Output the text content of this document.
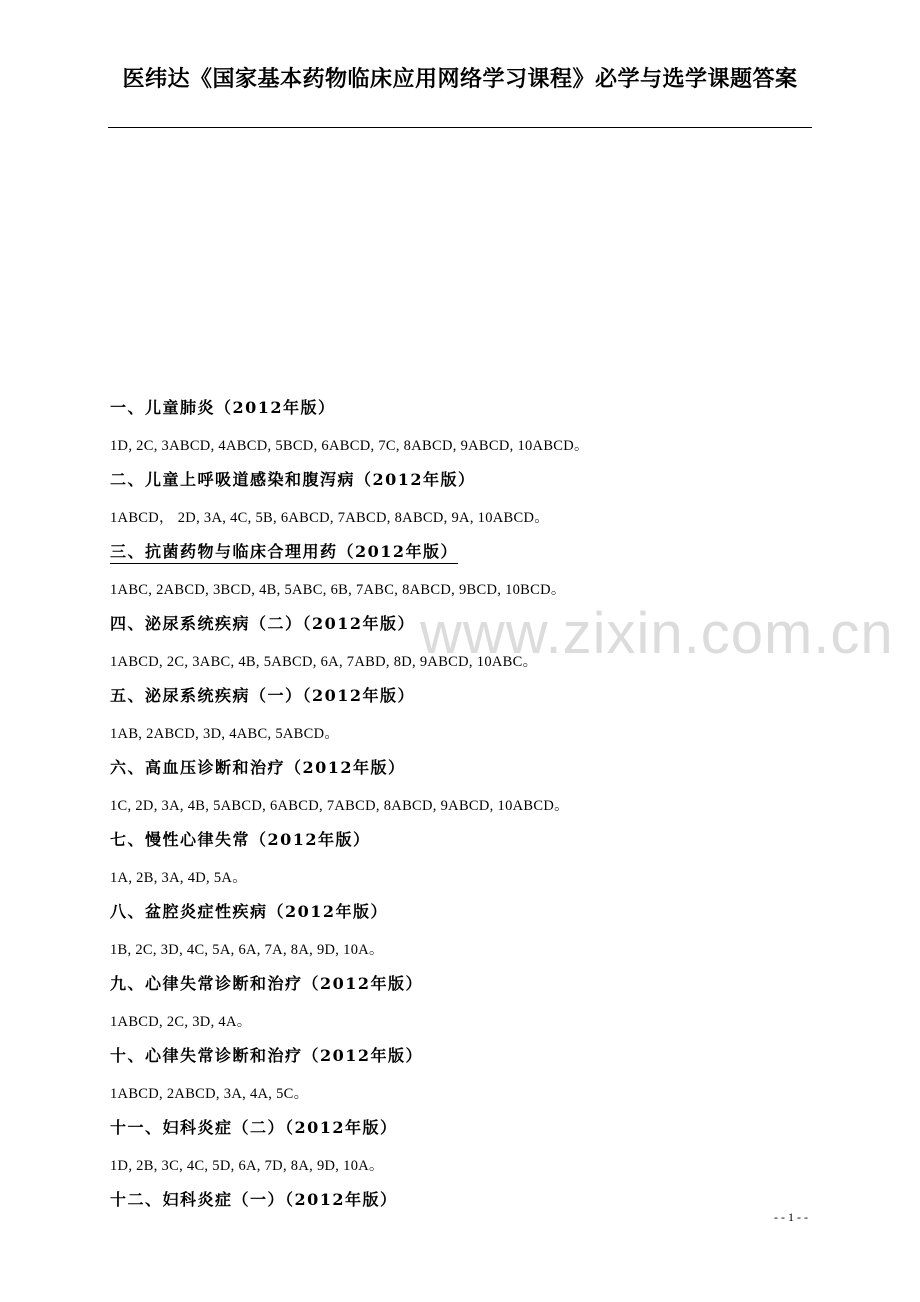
医纬达《国家基本药物临床应用网络学习课程》必学与选学课题答案
www.zixin.com.cn
一、儿童肺炎（2012年版）
1D, 2C, 3ABCD, 4ABCD, 5BCD, 6ABCD, 7C, 8ABCD, 9ABCD, 10ABCD。
二、儿童上呼吸道感染和腹泻病（2012年版）
1ABCD， 2D, 3A, 4C, 5B, 6ABCD, 7ABCD, 8ABCD, 9A, 10ABCD。
三、抗菌药物与临床合理用药（2012年版）
1ABC, 2ABCD, 3BCD, 4B, 5ABC, 6B, 7ABC, 8ABCD, 9BCD, 10BCD。
四、泌尿系统疾病（二）（2012年版）
1ABCD, 2C, 3ABC, 4B, 5ABCD, 6A, 7ABD, 8D, 9ABCD, 10ABC。
五、泌尿系统疾病（一）（2012年版）
1AB, 2ABCD, 3D, 4ABC, 5ABCD。
六、高血压诊断和治疗（2012年版）
1C, 2D, 3A, 4B, 5ABCD, 6ABCD, 7ABCD, 8ABCD, 9ABCD, 10ABCD。
七、慢性心律失常（2012年版）
1A, 2B, 3A, 4D, 5A。
八、盆腔炎症性疾病（2012年版）
1B, 2C, 3D, 4C, 5A, 6A, 7A, 8A, 9D, 10A。
九、心律失常诊断和治疗（2012年版）
1ABCD, 2C, 3D, 4A。
十、心律失常诊断和治疗（2012年版）
1ABCD, 2ABCD, 3A, 4A, 5C。
十一、妇科炎症（二）（2012年版）
1D, 2B, 3C, 4C, 5D, 6A, 7D, 8A, 9D, 10A。
十二、妇科炎症（一）（2012年版）
- - 1 - -
